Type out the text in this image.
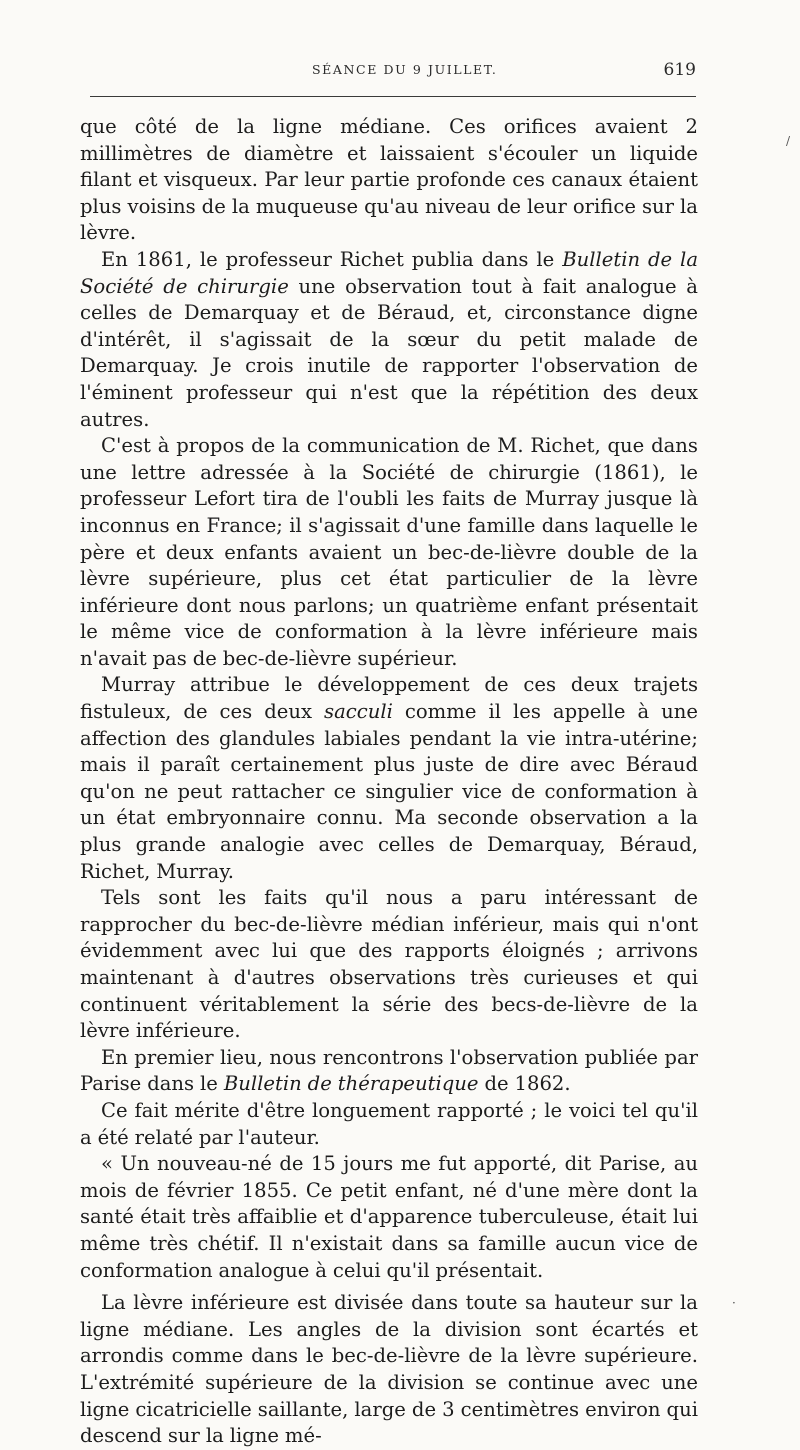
SÉANCE DU 9 JUILLET.	619

que côté de la ligne médiane. Ces orifices avaient 2 millimètres de diamètre et laissaient s'écouler un liquide filant et visqueux. Par leur partie profonde ces canaux étaient plus voisins de la muqueuse qu'au niveau de leur orifice sur la lèvre.

En 1861, le professeur Richet publia dans le Bulletin de la Société de chirurgie une observation tout à fait analogue à celles de Demarquay et de Béraud, et, circonstance digne d'intérêt, il s'agissait de la sœur du petit malade de Demarquay. Je crois inutile de rapporter l'observation de l'éminent professeur qui n'est que la répétition des deux autres.

C'est à propos de la communication de M. Richet, que dans une lettre adressée à la Société de chirurgie (1861), le professeur Lefort tira de l'oubli les faits de Murray jusque là inconnus en France; il s'agissait d'une famille dans laquelle le père et deux enfants avaient un bec-de-lièvre double de la lèvre supérieure, plus cet état particulier de la lèvre inférieure dont nous parlons; un quatrième enfant présentait le même vice de conformation à la lèvre inférieure mais n'avait pas de bec-de-lièvre supérieur.

Murray attribue le développement de ces deux trajets fistuleux, de ces deux sacculi comme il les appelle à une affection des glandules labiales pendant la vie intra-utérine; mais il paraît certainement plus juste de dire avec Béraud qu'on ne peut rattacher ce singulier vice de conformation à un état embryonnaire connu. Ma seconde observation a la plus grande analogie avec celles de Demarquay, Béraud, Richet, Murray.

Tels sont les faits qu'il nous a paru intéressant de rapprocher du bec-de-lièvre médian inférieur, mais qui n'ont évidemment avec lui que des rapports éloignés ; arrivons maintenant à d'autres observations très curieuses et qui continuent véritablement la série des becs-de-lièvre de la lèvre inférieure.

En premier lieu, nous rencontrons l'observation publiée par Parise dans le Bulletin de thérapeutique de 1862.

Ce fait mérite d'être longuement rapporté ; le voici tel qu'il a été relaté par l'auteur.

« Un nouveau-né de 15 jours me fut apporté, dit Parise, au mois de février 1855. Ce petit enfant, né d'une mère dont la santé était très affaiblie et d'apparence tuberculeuse, était lui même très chétif. Il n'existait dans sa famille aucun vice de conformation analogue à celui qu'il présentait.

La lèvre inférieure est divisée dans toute sa hauteur sur la ligne médiane. Les angles de la division sont écartés et arrondis comme dans le bec-de-lièvre de la lèvre supérieure. L'extrémité supérieure de la division se continue avec une ligne cicatricielle saillante, large de 3 centimètres environ qui descend sur la ligne mé-

/
·
